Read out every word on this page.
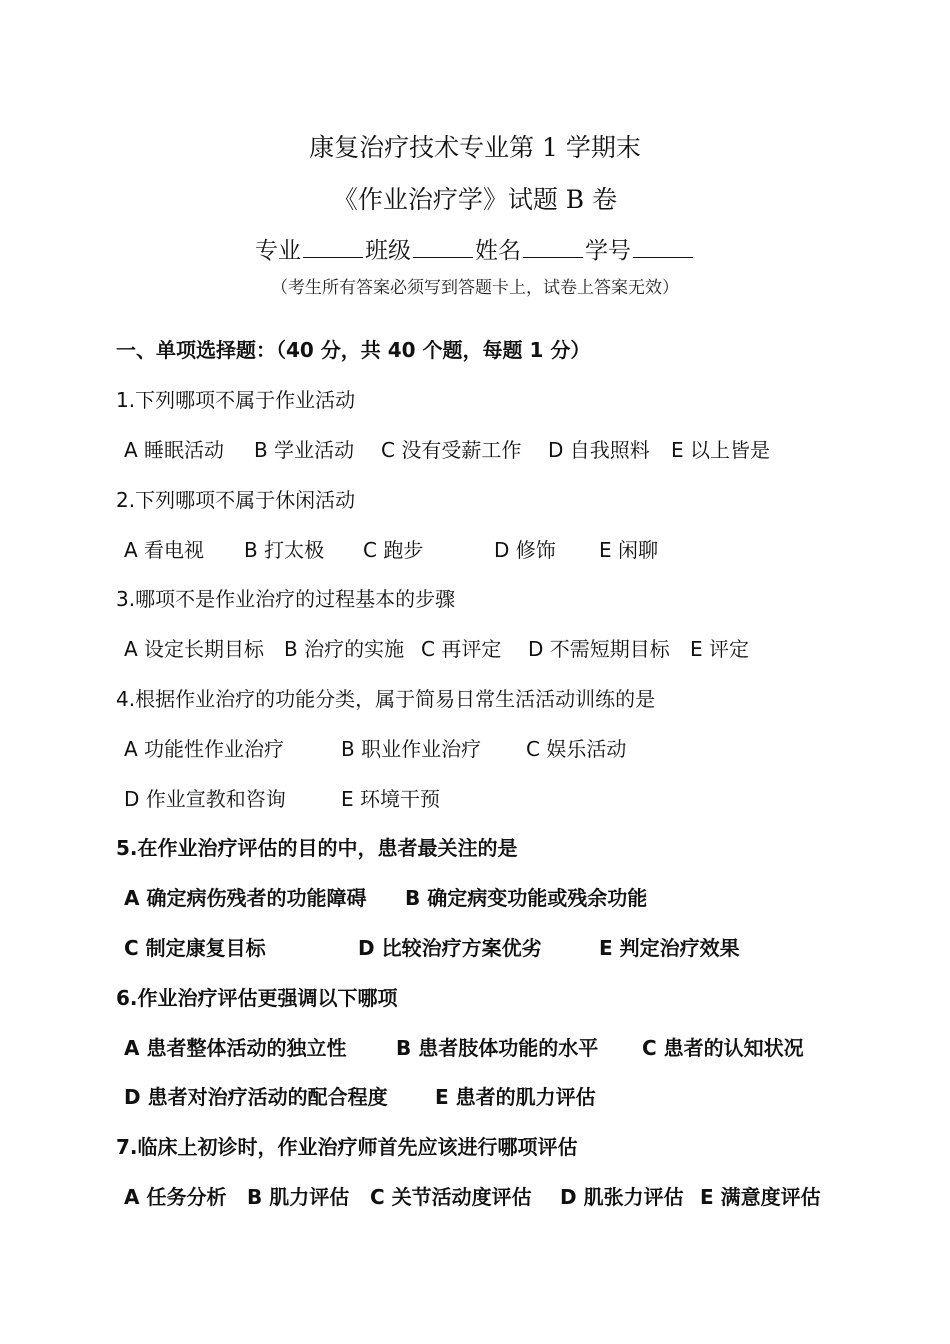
康复治疗技术专业第 1 学期末
《作业治疗学》试题 B 卷
专业	班级	姓名	学号
（考生所有答案必须写到答题卡上，试卷上答案无效）
一、单项选择题：（40 分，共 40 个题，每题 1 分）
1.下列哪项不属于作业活动
A 睡眠活动 B 学业活动 C 没有受薪工作 D 自我照料 E 以上皆是
2.下列哪项不属于休闲活动
A 看电视 B 打太极 C 跑步	D 修饰 E 闲聊
3.哪项不是作业治疗的过程基本的步骤
A 设定长期目标 B 治疗的实施 C 再评定 D 不需短期目标 E 评定
4.根据作业治疗的功能分类，属于简易日常生活活动训练的是
A 功能性作业治疗	B 职业作业治疗 C 娱乐活动
D 作业宣教和咨询	E 环境干预
5.在作业治疗评估的目的中，患者最关注的是
A 确定病伤残者的功能障碍 B 确定病变功能或残余功能
C 制定康复目标	D 比较治疗方案优劣	E 判定治疗效果
6.作业治疗评估更强调以下哪项
A 患者整体活动的独立性 B 患者肢体功能的水平 C 患者的认知状况
D 患者对治疗活动的配合程度 E 患者的肌力评估
7.临床上初诊时，作业治疗师首先应该进行哪项评估
A 任务分析 B 肌力评估 C 关节活动度评估 D 肌张力评估 E 满意度评估
